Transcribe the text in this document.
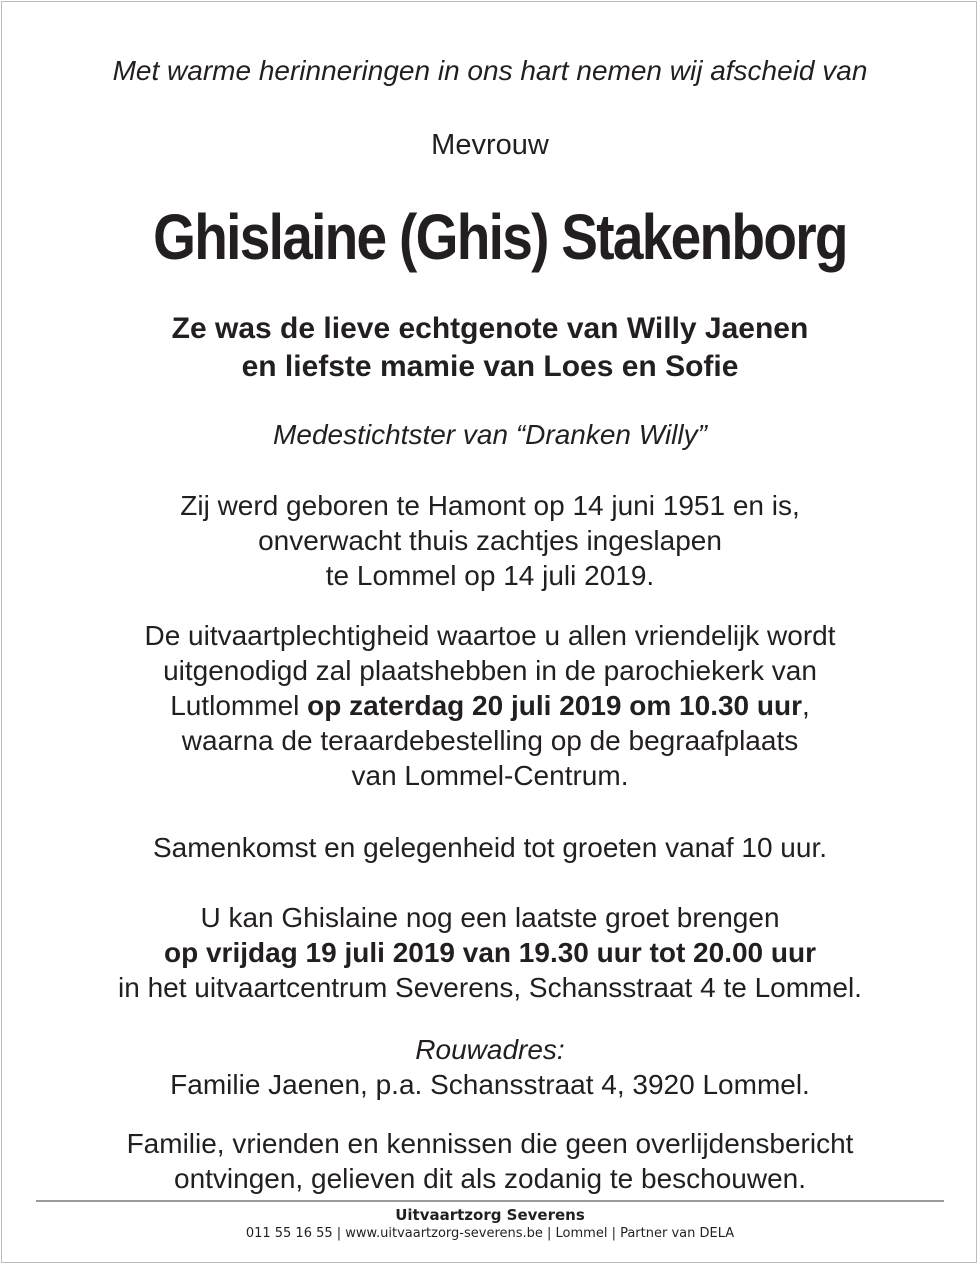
Met warme herinneringen in ons hart nemen wij afscheid van
Mevrouw
Ghislaine (Ghis) Stakenborg
Ze was de lieve echtgenote van Willy Jaenen
en liefste mamie van Loes en Sofie
Medestichtster van “Dranken Willy”
Zij werd geboren te Hamont op 14 juni 1951 en is,
onverwacht thuis zachtjes ingeslapen
te Lommel op 14 juli 2019.
De uitvaartplechtigheid waartoe u allen vriendelijk wordt
uitgenodigd zal plaatshebben in de parochiekerk van
Lutlommel op zaterdag 20 juli 2019 om 10.30 uur,
waarna de teraardebestelling op de begraafplaats
van Lommel-Centrum.
Samenkomst en gelegenheid tot groeten vanaf 10 uur.
U kan Ghislaine nog een laatste groet brengen
op vrijdag 19 juli 2019 van 19.30 uur tot 20.00 uur
in het uitvaartcentrum Severens, Schansstraat 4 te Lommel.
Rouwadres:
Familie Jaenen, p.a. Schansstraat 4, 3920 Lommel.
Familie, vrienden en kennissen die geen overlijdensbericht
ontvingen, gelieven dit als zodanig te beschouwen.
Uitvaartzorg Severens
011 55 16 55 | www.uitvaartzorg-severens.be | Lommel | Partner van DELA
